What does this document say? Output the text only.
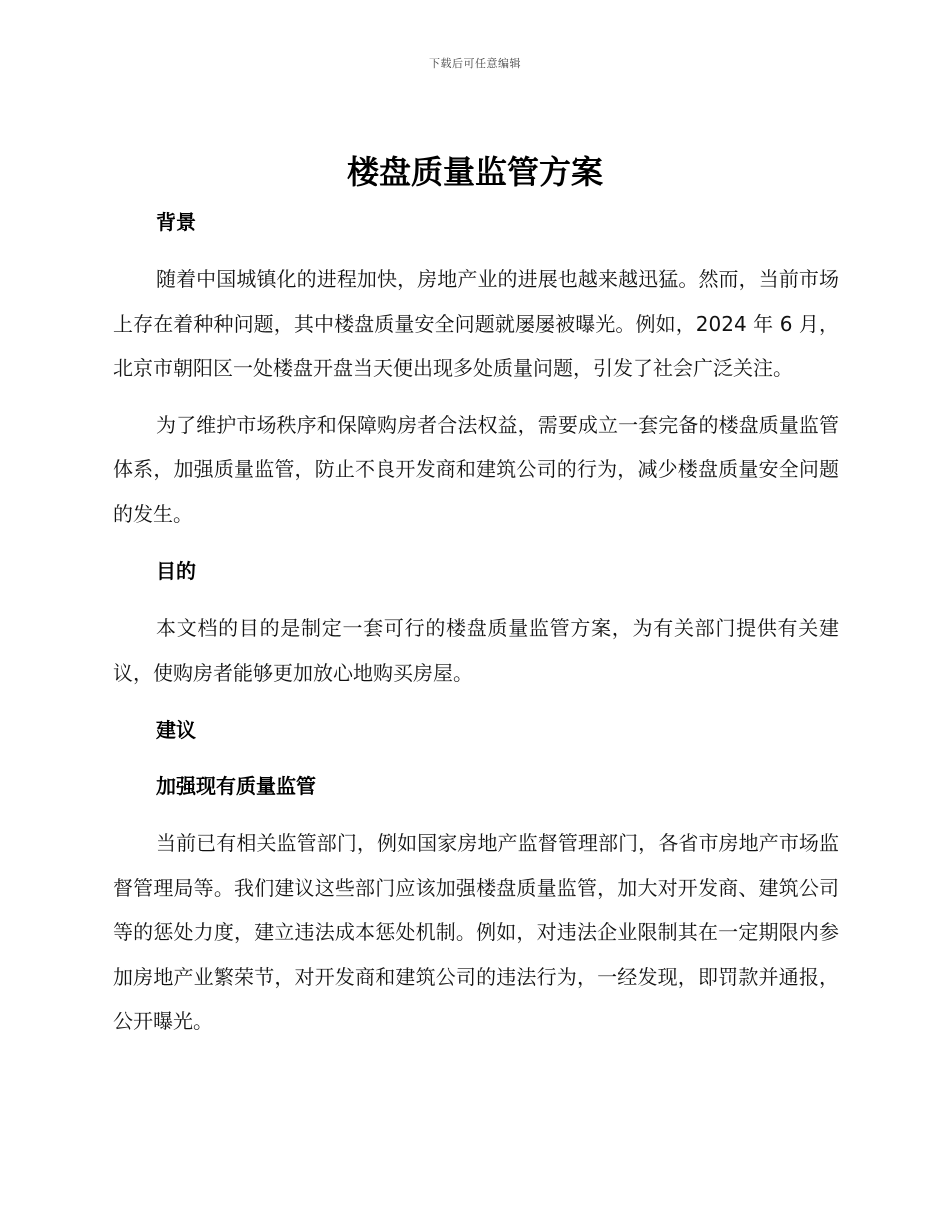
下载后可任意编辑
楼盘质量监管方案
背景

随着中国城镇化的进程加快，房地产业的进展也越来越迅猛。然而，当前市场上存在着种种问题，其中楼盘质量安全问题就屡屡被曝光。例如，2024 年 6 月，北京市朝阳区一处楼盘开盘当天便出现多处质量问题，引发了社会广泛关注。

为了维护市场秩序和保障购房者合法权益，需要成立一套完备的楼盘质量监管体系，加强质量监管，防止不良开发商和建筑公司的行为，减少楼盘质量安全问题的发生。

目的

本文档的目的是制定一套可行的楼盘质量监管方案，为有关部门提供有关建议，使购房者能够更加放心地购买房屋。

建议
加强现有质量监管

当前已有相关监管部门，例如国家房地产监督管理部门，各省市房地产市场监督管理局等。我们建议这些部门应该加强楼盘质量监管，加大对开发商、建筑公司等的惩处力度，建立违法成本惩处机制。例如，对违法企业限制其在一定期限内参加房地产业繁荣节，对开发商和建筑公司的违法行为，一经发现，即罚款并通报，公开曝光。
